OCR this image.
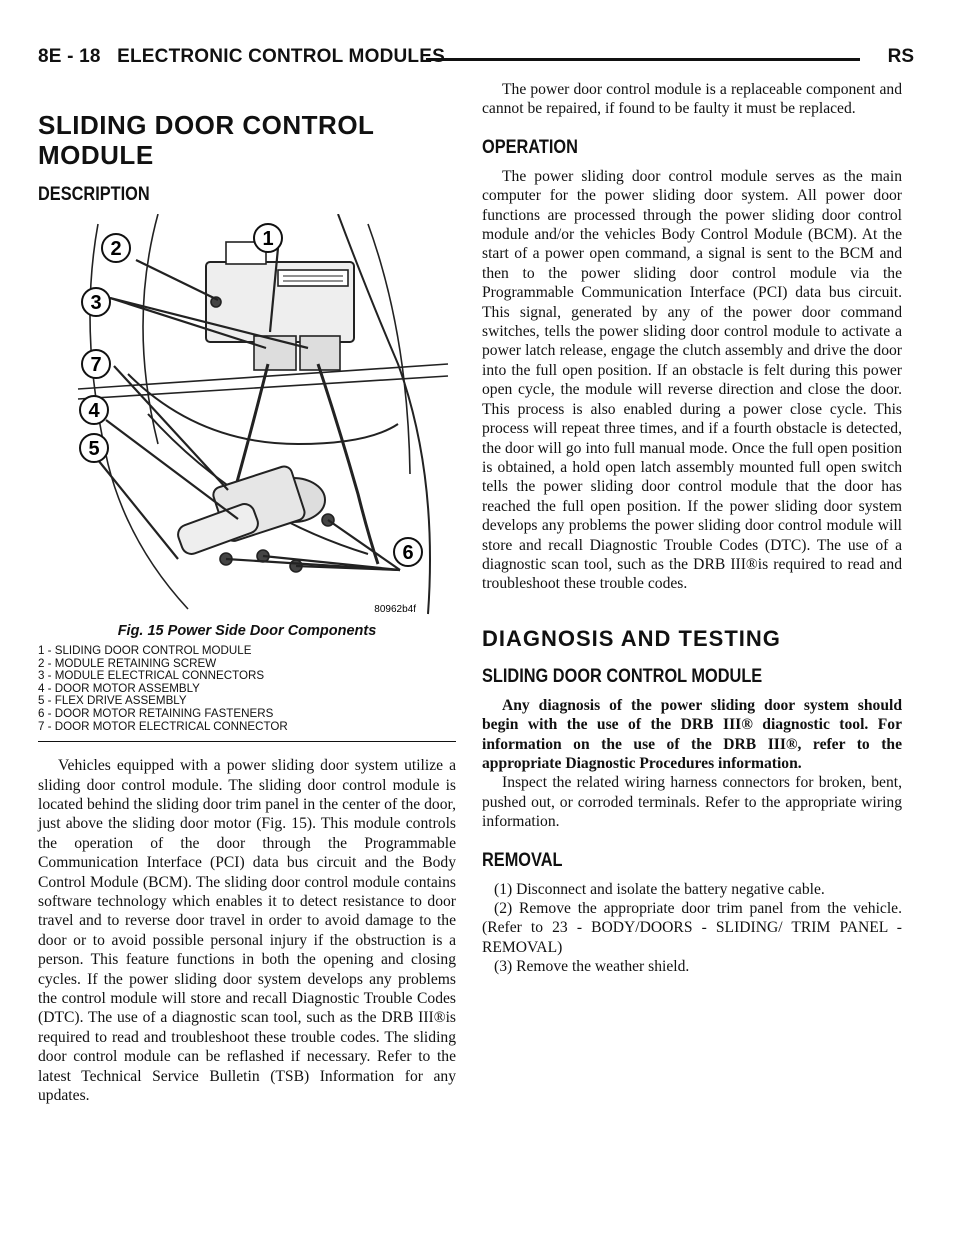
8E - 18 ELECTRONIC CONTROL MODULES	RS
SLIDING DOOR CONTROL MODULE
DESCRIPTION
1
2
3
4
5
6
7
80962b4f
Fig. 15 Power Side Door Components
1 - SLIDING DOOR CONTROL MODULE
2 - MODULE RETAINING SCREW
3 - MODULE ELECTRICAL CONNECTORS
4 - DOOR MOTOR ASSEMBLY
5 - FLEX DRIVE ASSEMBLY
6 - DOOR MOTOR RETAINING FASTENERS
7 - DOOR MOTOR ELECTRICAL CONNECTOR

Vehicles equipped with a power sliding door system utilize a sliding door control module. The sliding door control module is located behind the sliding door trim panel in the center of the door, just above the sliding door motor (Fig. 15). This module controls the operation of the door through the Programmable Communication Interface (PCI) data bus circuit and the Body Control Module (BCM). The sliding door control module contains software technology which enables it to detect resistance to door travel and to reverse door travel in order to avoid damage to the door or to avoid possible personal injury if the obstruction is a person. This feature functions in both the opening and closing cycles. If the power sliding door system develops any problems the control module will store and recall Diagnostic Trouble Codes (DTC). The use of a diagnostic scan tool, such as the DRB III®is required to read and troubleshoot these trouble codes. The sliding door control module can be reflashed if necessary. Refer to the latest Technical Service Bulletin (TSB) Information for any updates.

The power door control module is a replaceable component and cannot be repaired, if found to be faulty it must be replaced.

OPERATION

The power sliding door control module serves as the main computer for the power sliding door system. All power door functions are processed through the power sliding door control module and/or the vehicles Body Control Module (BCM). At the start of a power open command, a signal is sent to the BCM and then to the power sliding door control module via the Programmable Communication Interface (PCI) data bus circuit. This signal, generated by any of the power door command switches, tells the power sliding door control module to activate a power latch release, engage the clutch assembly and drive the door into the full open position. If an obstacle is felt during this power open cycle, the module will reverse direction and close the door. This process is also enabled during a power close cycle. This process will repeat three times, and if a fourth obstacle is detected, the door will go into full manual mode. Once the full open position is obtained, a hold open latch assembly mounted full open switch tells the power sliding door control module that the door has reached the full open position. If the power sliding door system develops any problems the power sliding door control module will store and recall Diagnostic Trouble Codes (DTC). The use of a diagnostic scan tool, such as the DRB III®is required to read and troubleshoot these trouble codes.

DIAGNOSIS AND TESTING
SLIDING DOOR CONTROL MODULE

Any diagnosis of the power sliding door system should begin with the use of the DRB III® diagnostic tool. For information on the use of the DRB III®, refer to the appropriate Diagnostic Procedures information.

Inspect the related wiring harness connectors for broken, bent, pushed out, or corroded terminals. Refer to the appropriate wiring information.

REMOVAL

(1) Disconnect and isolate the battery negative cable.

(2) Remove the appropriate door trim panel from the vehicle. (Refer to 23 - BODY/DOORS - SLIDING/ TRIM PANEL - REMOVAL)

(3) Remove the weather shield.
